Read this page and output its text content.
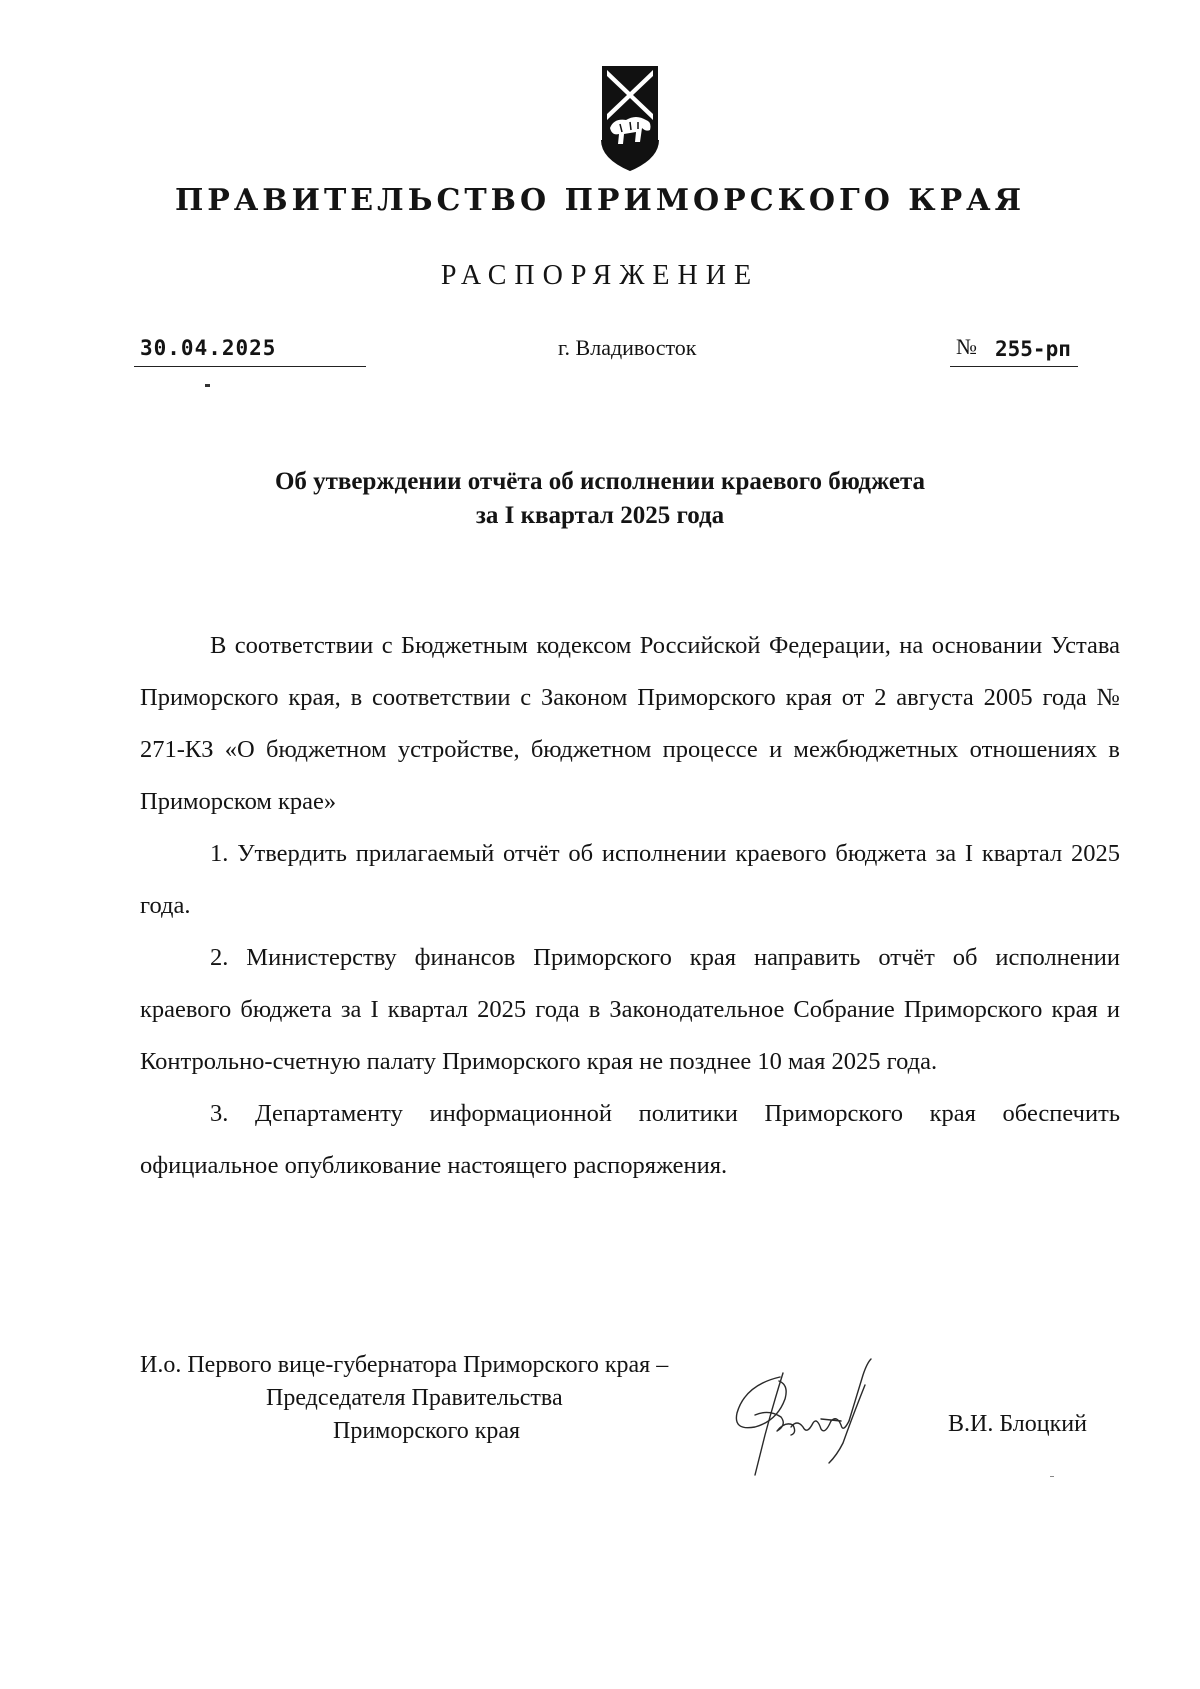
ПРАВИТЕЛЬСТВО ПРИМОРСКОГО КРАЯ
РАСПОРЯЖЕНИЕ
30.04.2025	г. Владивосток	№ 255-рп
Об утверждении отчёта об исполнении краевого бюджета
за I квартал 2025 года

В соответствии с Бюджетным кодексом Российской Федерации, на основании Устава Приморского края, в соответствии с Законом Приморского края от 2 августа 2005 года № 271-КЗ «О бюджетном устройстве, бюджетном процессе и межбюджетных отношениях в Приморском крае»

1. Утвердить прилагаемый отчёт об исполнении краевого бюджета за I квартал 2025 года.

2. Министерству финансов Приморского края направить отчёт об исполнении краевого бюджета за I квартал 2025 года в Законодательное Собрание Приморского края и Контрольно-счетную палату Приморского края не позднее 10 мая 2025 года.

3. Департаменту информационной политики Приморского края обеспечить официальное опубликование настоящего распоряжения.

И.о. Первого вице-губернатора Приморского края –
Председателя Правительства
Приморского края	В.И. Блоцкий
